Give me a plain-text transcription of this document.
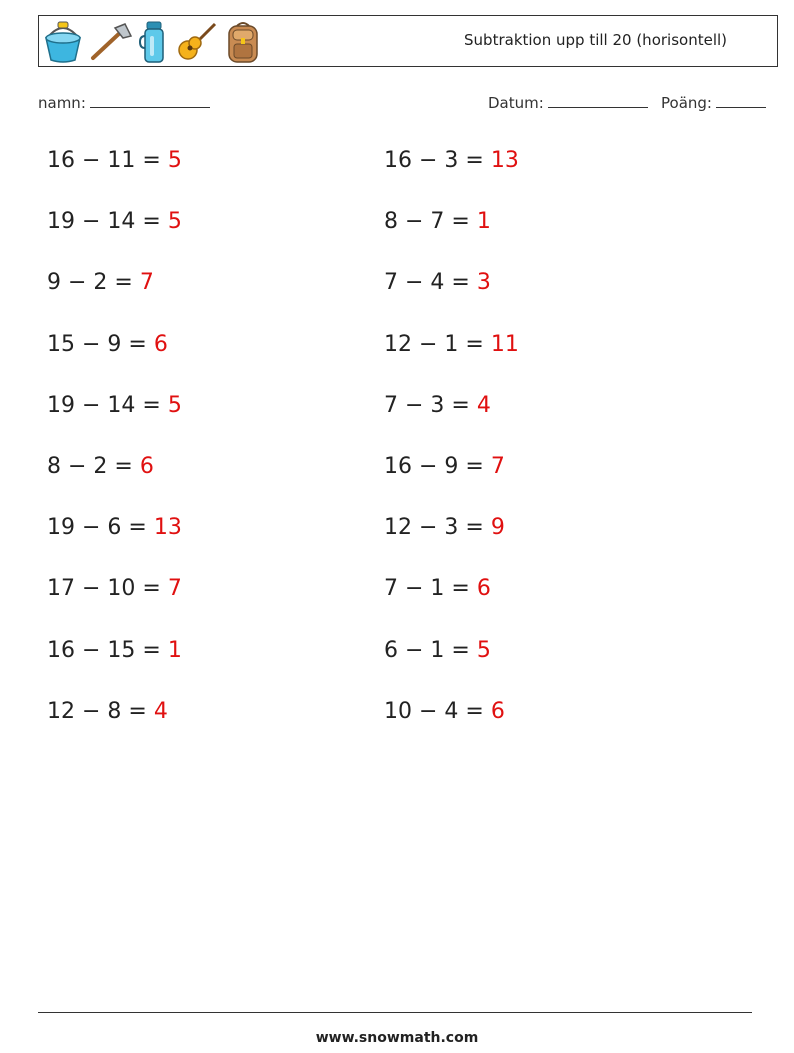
Subtraktion upp till 20 (horisontell)
namn:	Datum:	Poäng:
16 − 11 = 5
19 − 14 = 5
9 − 2 = 7
15 − 9 = 6
19 − 14 = 5
8 − 2 = 6
19 − 6 = 13
17 − 10 = 7
16 − 15 = 1
12 − 8 = 4
16 − 3 = 13
8 − 7 = 1
7 − 4 = 3
12 − 1 = 11
7 − 3 = 4
16 − 9 = 7
12 − 3 = 9
7 − 1 = 6
6 − 1 = 5
10 − 4 = 6
www.snowmath.com
